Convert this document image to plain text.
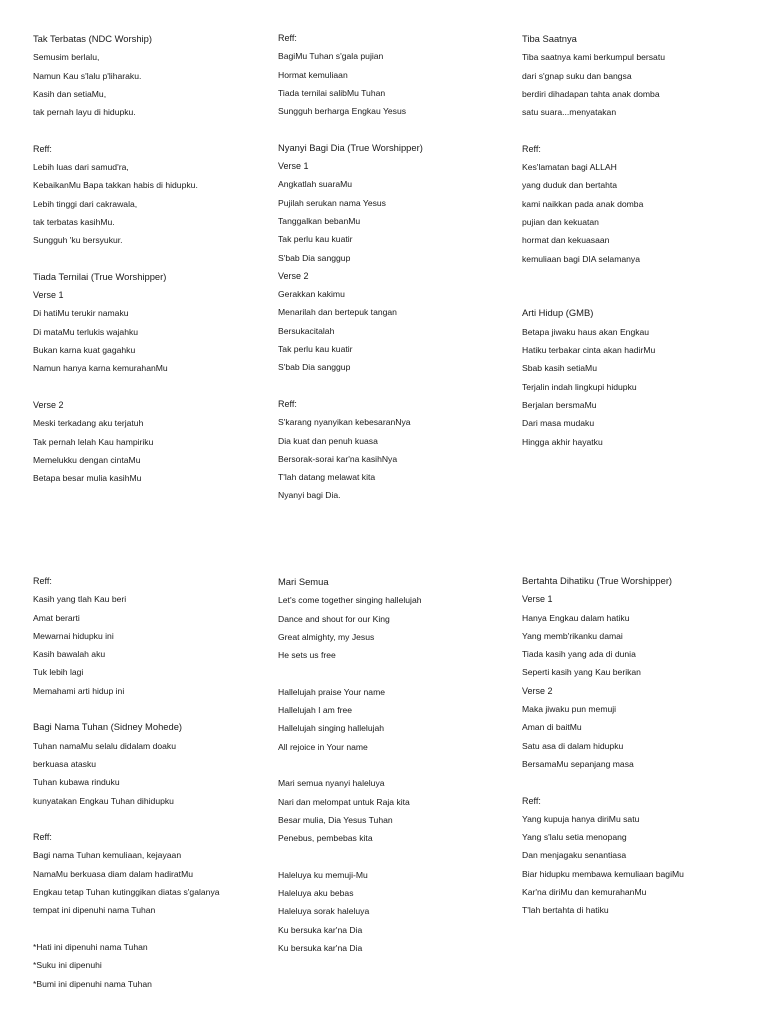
Tak Terbatas (NDC Worship)
Semusim berlalu,
Namun Kau s'lalu p'liharaku.
Kasih dan setiaMu,
tak pernah layu di hidupku.
Reff:
Lebih luas dari samud'ra,
KebaikanMu Bapa takkan habis di hidupku.
Lebih tinggi dari cakrawala,
tak terbatas kasihMu.
Sungguh 'ku bersyukur.
Tiada Ternilai (True Worshipper)
Verse 1
Di hatiMu terukir namaku
Di mataMu terlukis wajahku
Bukan karna kuat gagahku
Namun hanya karna kemurahanMu
Verse 2
Meski terkadang aku terjatuh
Tak pernah lelah Kau hampiriku
Memelukku dengan cintaMu
Betapa besar mulia kasihMu
Reff:
BagiMu Tuhan s'gala pujian
Hormat kemuliaan
Tiada ternilai salibMu Tuhan
Sungguh berharga Engkau Yesus
Nyanyi Bagi Dia (True Worshipper)
Verse 1
Angkatlah suaraMu
Pujilah serukan nama Yesus
Tanggalkan bebanMu
Tak perlu kau kuatir
S'bab Dia sanggup
Verse 2
Gerakkan kakimu
Menarilah dan bertepuk tangan
Bersukacitalah
Tak perlu kau kuatir
S'bab Dia sanggup
Reff:
S'karang nyanyikan kebesaranNya
Dia kuat dan penuh kuasa
Bersorak-sorai kar'na kasihNya
T'lah datang melawat kita
Nyanyi bagi Dia.
Tiba Saatnya
Tiba saatnya kami berkumpul bersatu
dari s'gnap suku dan bangsa
berdiri dihadapan tahta anak domba
satu suara...menyatakan
Reff:
Kes'lamatan bagi ALLAH
yang duduk dan bertahta
kami naikkan pada anak domba
pujian dan kekuatan
hormat dan kekuasaan
kemuliaan bagi DIA selamanya
Arti Hidup (GMB)
Betapa jiwaku haus akan Engkau
Hatiku terbakar cinta akan hadirMu
Sbab kasih setiaMu
Terjalin indah lingkupi hidupku
Berjalan bersmaMu
Dari masa mudaku
Hingga akhir hayatku
Reff:
Kasih yang tlah Kau beri
Amat berarti
Mewarnai hidupku ini
Kasih bawalah aku
Tuk lebih lagi
Memahami arti hidup ini
Bagi Nama Tuhan (Sidney Mohede)
Tuhan namaMu selalu didalam doaku
berkuasa atasku
Tuhan kubawa rinduku
kunyatakan Engkau Tuhan dihidupku
Reff:
Bagi nama Tuhan kemuliaan, kejayaan
NamaMu berkuasa diam dalam hadiratMu
Engkau tetap Tuhan kutinggikan diatas s'galanya
tempat ini dipenuhi nama Tuhan
*Hati ini dipenuhi nama Tuhan
*Suku ini dipenuhi
*Bumi ini dipenuhi nama Tuhan
Mari Semua
Let's come together singing hallelujah
Dance and shout for our King
Great almighty, my Jesus
He sets us free
Hallelujah praise Your name
Hallelujah I am free
Hallelujah singing hallelujah
All rejoice in Your name
Mari semua nyanyi haleluya
Nari dan melompat untuk Raja kita
Besar mulia, Dia Yesus Tuhan
Penebus, pembebas kita
Haleluya ku memuji-Mu
Haleluya aku bebas
Haleluya sorak haleluya
Ku bersuka kar'na Dia
Ku bersuka kar'na Dia
Bertahta Dihatiku (True Worshipper)
Verse 1
Hanya Engkau dalam hatiku
Yang memb'rikanku damai
Tiada kasih yang ada di dunia
Seperti kasih yang Kau berikan
Verse 2
Maka jiwaku pun memuji
Aman di baitMu
Satu asa di dalam hidupku
BersamaMu sepanjang masa
Reff:
Yang kupuja hanya diriMu satu
Yang s'lalu setia menopang
Dan menjagaku senantiasa
Biar hidupku membawa kemuliaan bagiMu
Kar'na diriMu dan kemurahanMu
T'lah bertahta di hatiku
